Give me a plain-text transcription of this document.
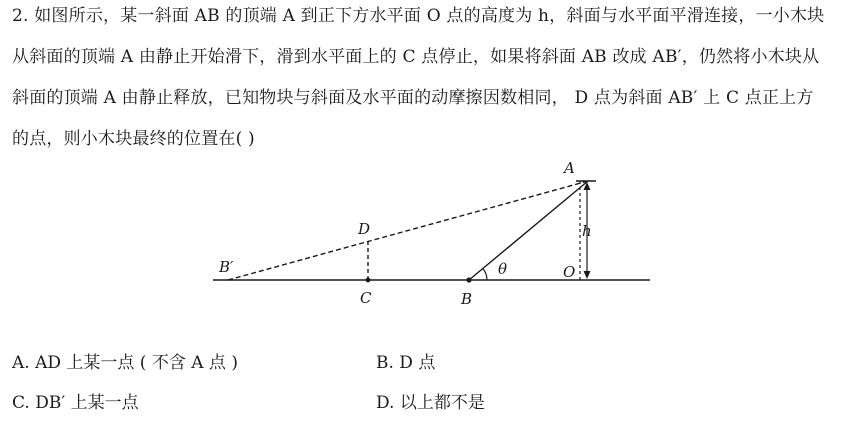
2. 如图所示，某一斜面 AB 的顶端 A 到正下方水平面 O 点的高度为 h，斜面与水平面平滑连接，一小木块
从斜面的顶端 A 由静止开始滑下，滑到水平面上的 C 点停止，如果将斜面 AB 改成 AB′，仍然将小木块从
斜面的顶端 A 由静止释放，已知物块与斜面及水平面的动摩擦因数相同， D 点为斜面 AB′ 上 C 点正上方
的点，则小木块最终的位置在( )
A
B′
D
C	B
θ	O
h
A. AD 上某一点 ( 不含 A 点 )	B. D 点
C. DB′ 上某一点	D. 以上都不是
